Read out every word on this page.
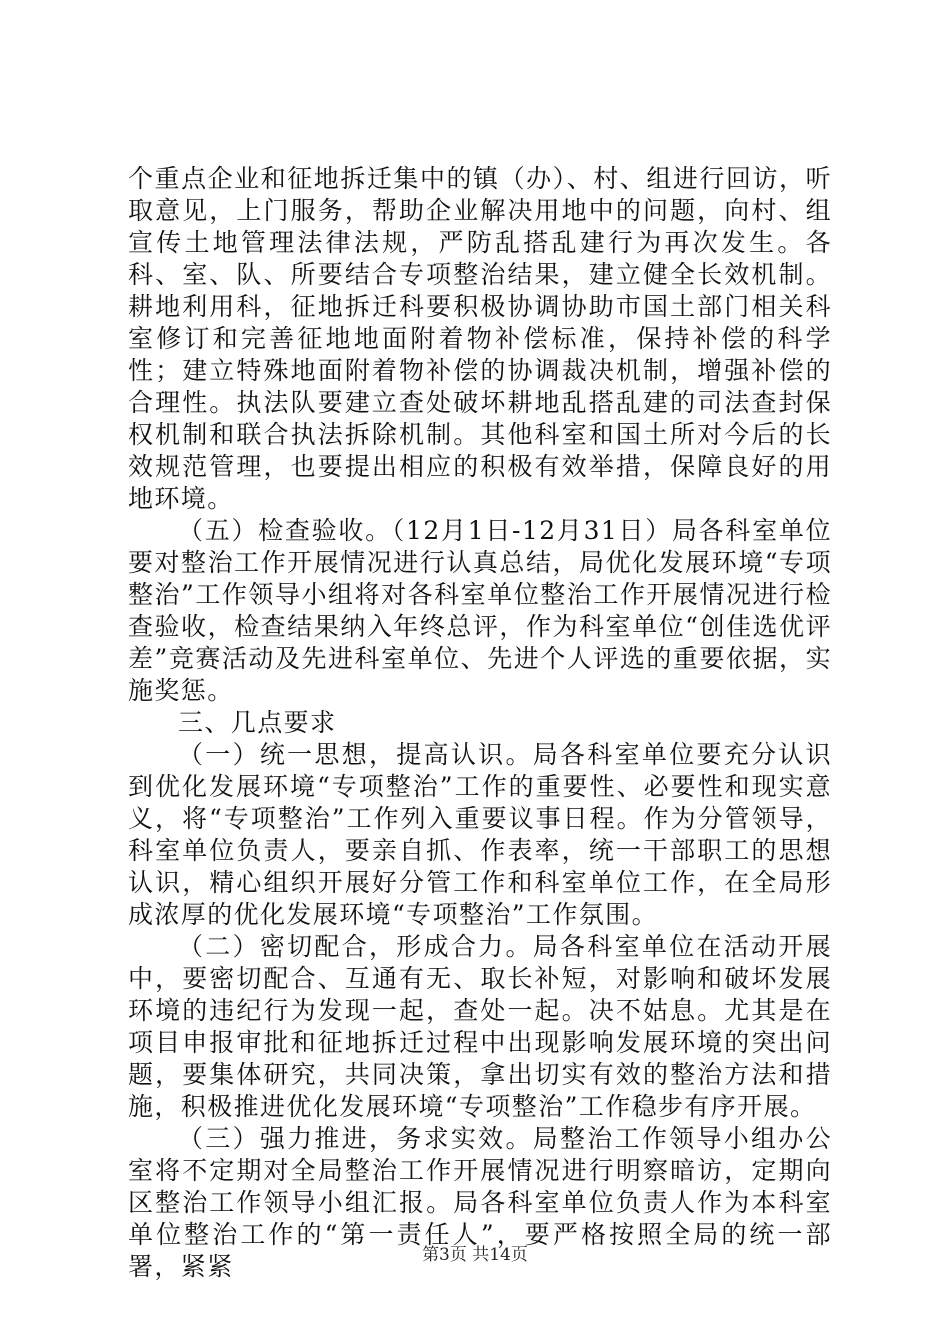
个重点企业和征地拆迁集中的镇（办）、村、组进行回访，听取意见，上门服务，帮助企业解决用地中的问题，向村、组宣传土地管理法律法规，严防乱搭乱建行为再次发生。各科、室、队、所要结合专项整治结果，建立健全长效机制。耕地利用科，征地拆迁科要积极协调协助市国土部门相关科室修订和完善征地地面附着物补偿标准，保持补偿的科学性；建立特殊地面附着物补偿的协调裁决机制，增强补偿的合理性。执法队要建立查处破坏耕地乱搭乱建的司法查封保权机制和联合执法拆除机制。其他科室和国土所对今后的长效规范管理，也要提出相应的积极有效举措，保障良好的用地环境。

（五）检查验收。（12月1日-12月31日）局各科室单位要对整治工作开展情况进行认真总结，局优化发展环境“专项整治”工作领导小组将对各科室单位整治工作开展情况进行检查验收，检查结果纳入年终总评，作为科室单位“创佳选优评差”竞赛活动及先进科室单位、先进个人评选的重要依据，实施奖惩。

三、几点要求

（一）统一思想，提高认识。局各科室单位要充分认识到优化发展环境“专项整治”工作的重要性、必要性和现实意义，将“专项整治”工作列入重要议事日程。作为分管领导，科室单位负责人，要亲自抓、作表率，统一干部职工的思想认识，精心组织开展好分管工作和科室单位工作，在全局形成浓厚的优化发展环境“专项整治”工作氛围。

（二）密切配合，形成合力。局各科室单位在活动开展中，要密切配合、互通有无、取长补短，对影响和破坏发展环境的违纪行为发现一起，查处一起。决不姑息。尤其是在项目申报审批和征地拆迁过程中出现影响发展环境的突出问题，要集体研究，共同决策，拿出切实有效的整治方法和措施，积极推进优化发展环境“专项整治”工作稳步有序开展。

（三）强力推进，务求实效。局整治工作领导小组办公室将不定期对全局整治工作开展情况进行明察暗访，定期向区整治工作领导小组汇报。局各科室单位负责人作为本科室单位整治工作的“第一责任人”，要严格按照全局的统一部署，紧紧	第3页 共14页
